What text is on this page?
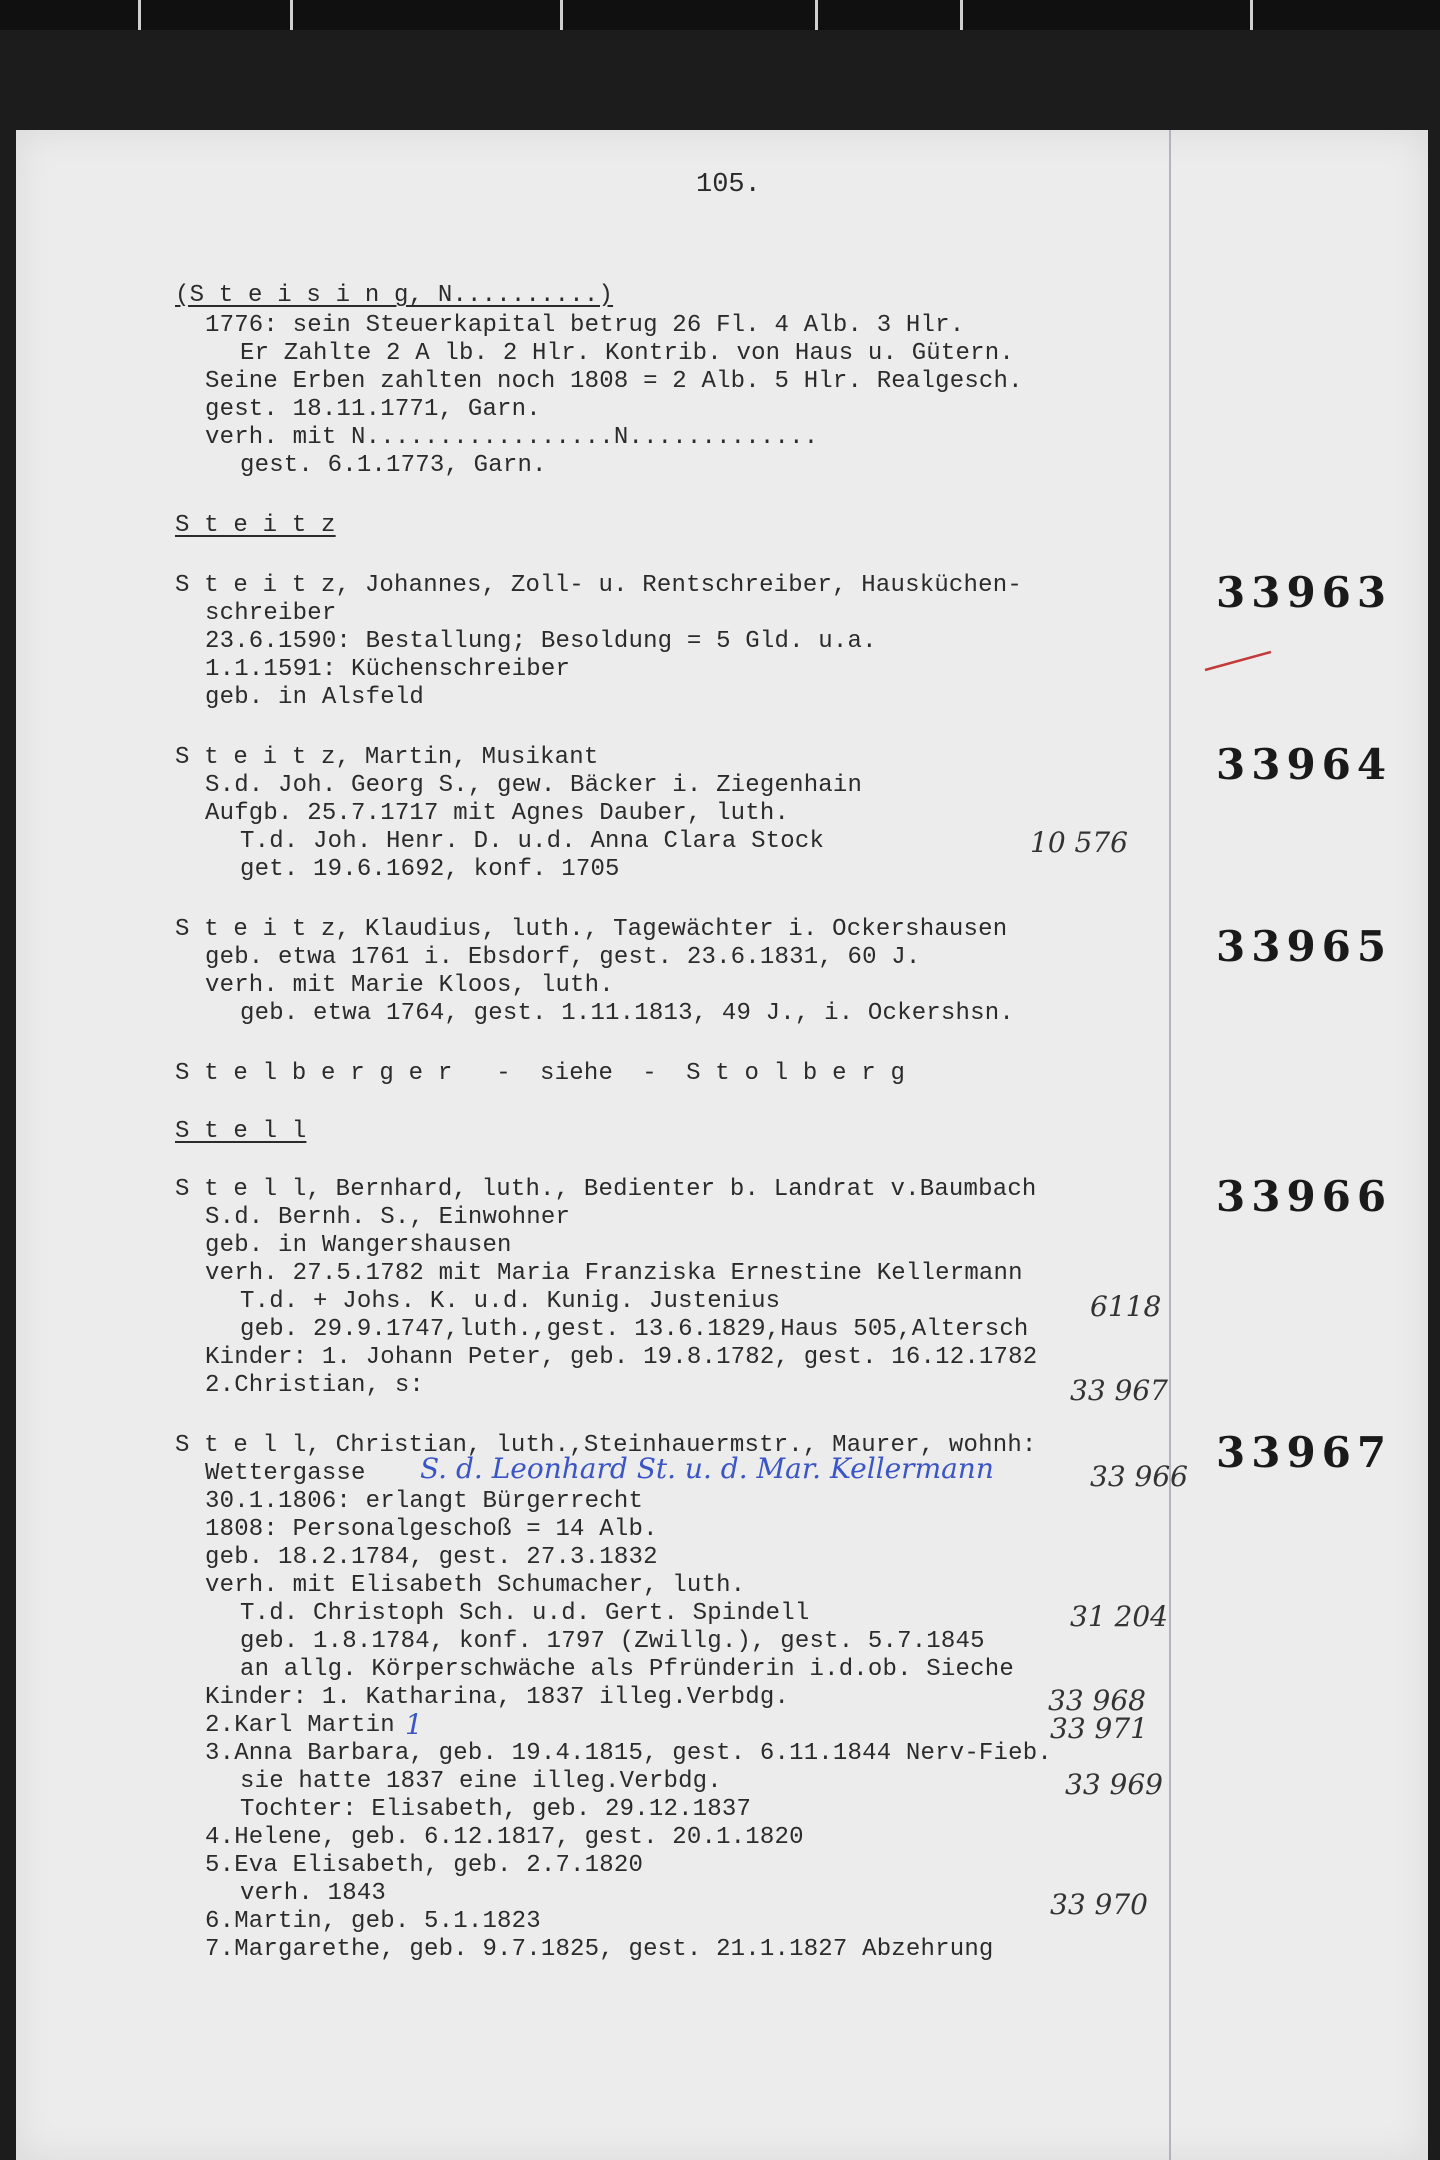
105.
(S t e i s i n g, N..........)
1776: sein Steuerkapital betrug 26 Fl. 4 Alb. 3 Hlr.
Er Zahlte 2 A lb. 2 Hlr. Kontrib. von Haus u. Gütern.
Seine Erben zahlten noch 1808 = 2 Alb. 5 Hlr. Realgesch.
gest. 18.11.1771, Garn.
verh. mit N.................N.............
gest. 6.1.1773, Garn.
S t e i t z
S t e i t z, Johannes, Zoll- u. Rentschreiber, Hausküchen-
schreiber
23.6.1590: Bestallung; Besoldung = 5 Gld. u.a.
1.1.1591: Küchenschreiber
geb. in Alsfeld
S t e i t z, Martin, Musikant
S.d. Joh. Georg S., gew. Bäcker i. Ziegenhain
Aufgb. 25.7.1717 mit Agnes Dauber, luth.
T.d. Joh. Henr. D. u.d. Anna Clara Stock
get. 19.6.1692, konf. 1705
S t e i t z, Klaudius, luth., Tagewächter i. Ockershausen
geb. etwa 1761 i. Ebsdorf, gest. 23.6.1831, 60 J.
verh. mit Marie Kloos, luth.
geb. etwa 1764, gest. 1.11.1813, 49 J., i. Ockershsn.
S t e l b e r g e r   -  siehe  -  S t o l b e r g
S t e l l
S t e l l, Bernhard, luth., Bedienter b. Landrat v.Baumbach
S.d. Bernh. S., Einwohner
geb. in Wangershausen
verh. 27.5.1782 mit Maria Franziska Ernestine Kellermann
T.d. + Johs. K. u.d. Kunig. Justenius
geb. 29.9.1747,luth.,gest. 13.6.1829,Haus 505,Altersch
Kinder: 1. Johann Peter, geb. 19.8.1782, gest. 16.12.1782
2.Christian, s:
S t e l l, Christian, luth.,Steinhauermstr., Maurer, wohnh:
Wettergasse
30.1.1806: erlangt Bürgerrecht
1808: Personalgeschoß = 14 Alb.
geb. 18.2.1784, gest. 27.3.1832
verh. mit Elisabeth Schumacher, luth.
T.d. Christoph Sch. u.d. Gert. Spindell
geb. 1.8.1784, konf. 1797 (Zwillg.), gest. 5.7.1845
an allg. Körperschwäche als Pfründerin i.d.ob. Sieche
Kinder: 1. Katharina, 1837 illeg.Verbdg.
2.Karl Martin
3.Anna Barbara, geb. 19.4.1815, gest. 6.11.1844 Nerv-Fieb.
sie hatte 1837 eine illeg.Verbdg.
Tochter: Elisabeth, geb. 29.12.1837
4.Helene, geb. 6.12.1817, gest. 20.1.1820
5.Eva Elisabeth, geb. 2.7.1820
verh. 1843
6.Martin, geb. 5.1.1823
7.Margarethe, geb. 9.7.1825, gest. 21.1.1827 Abzehrung
33963
33964
33965
33966
33967
10 576
6118
33 967
S. d. Leonhard St. u. d. Mar. Kellermann	33 966
31 204
33 968
1	33 971
33 969
33 970
